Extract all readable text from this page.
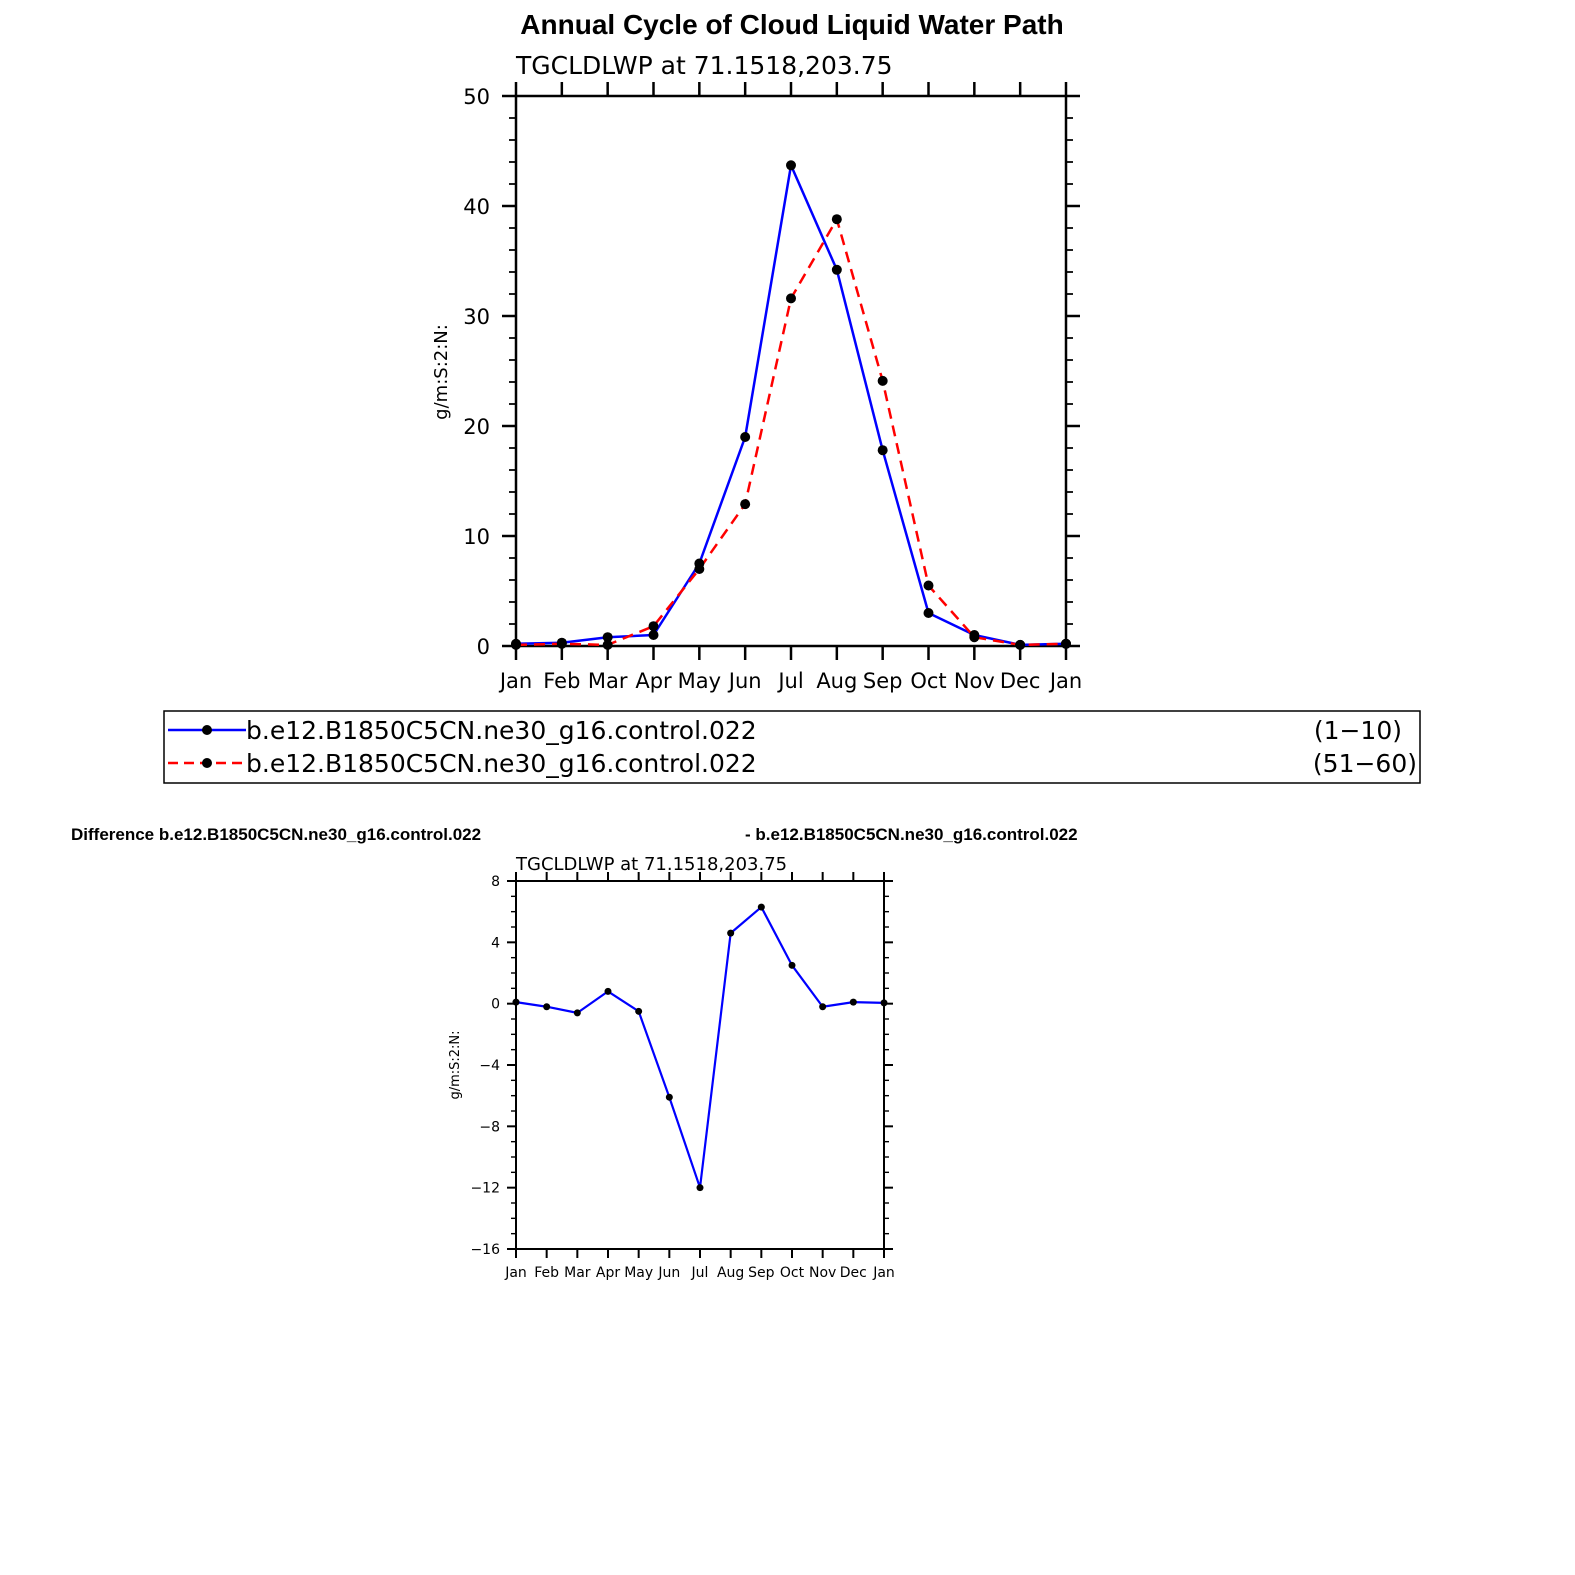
Annual Cycle of Cloud Liquid Water Path
TGCLDLWP at 71.1518,203.75
g/m:S:2:N:
Jan Feb Mar Apr May Jun Jul Aug Sep Oct Nov Dec Jan
0
10
20
30
40
50
b.e12.B1850C5CN.ne30_g16.control.022	(1−10)
b.e12.B1850C5CN.ne30_g16.control.022	(51−60)
Difference b.e12.B1850C5CN.ne30_g16.control.022	- b.e12.B1850C5CN.ne30_g16.control.022
TGCLDLWP at 71.1518,203.75
g/m:S:2:N:
Jan Feb Mar Apr May Jun Jul Aug Sep Oct Nov Dec Jan
−16
−12
−8
−4
0
4
8
